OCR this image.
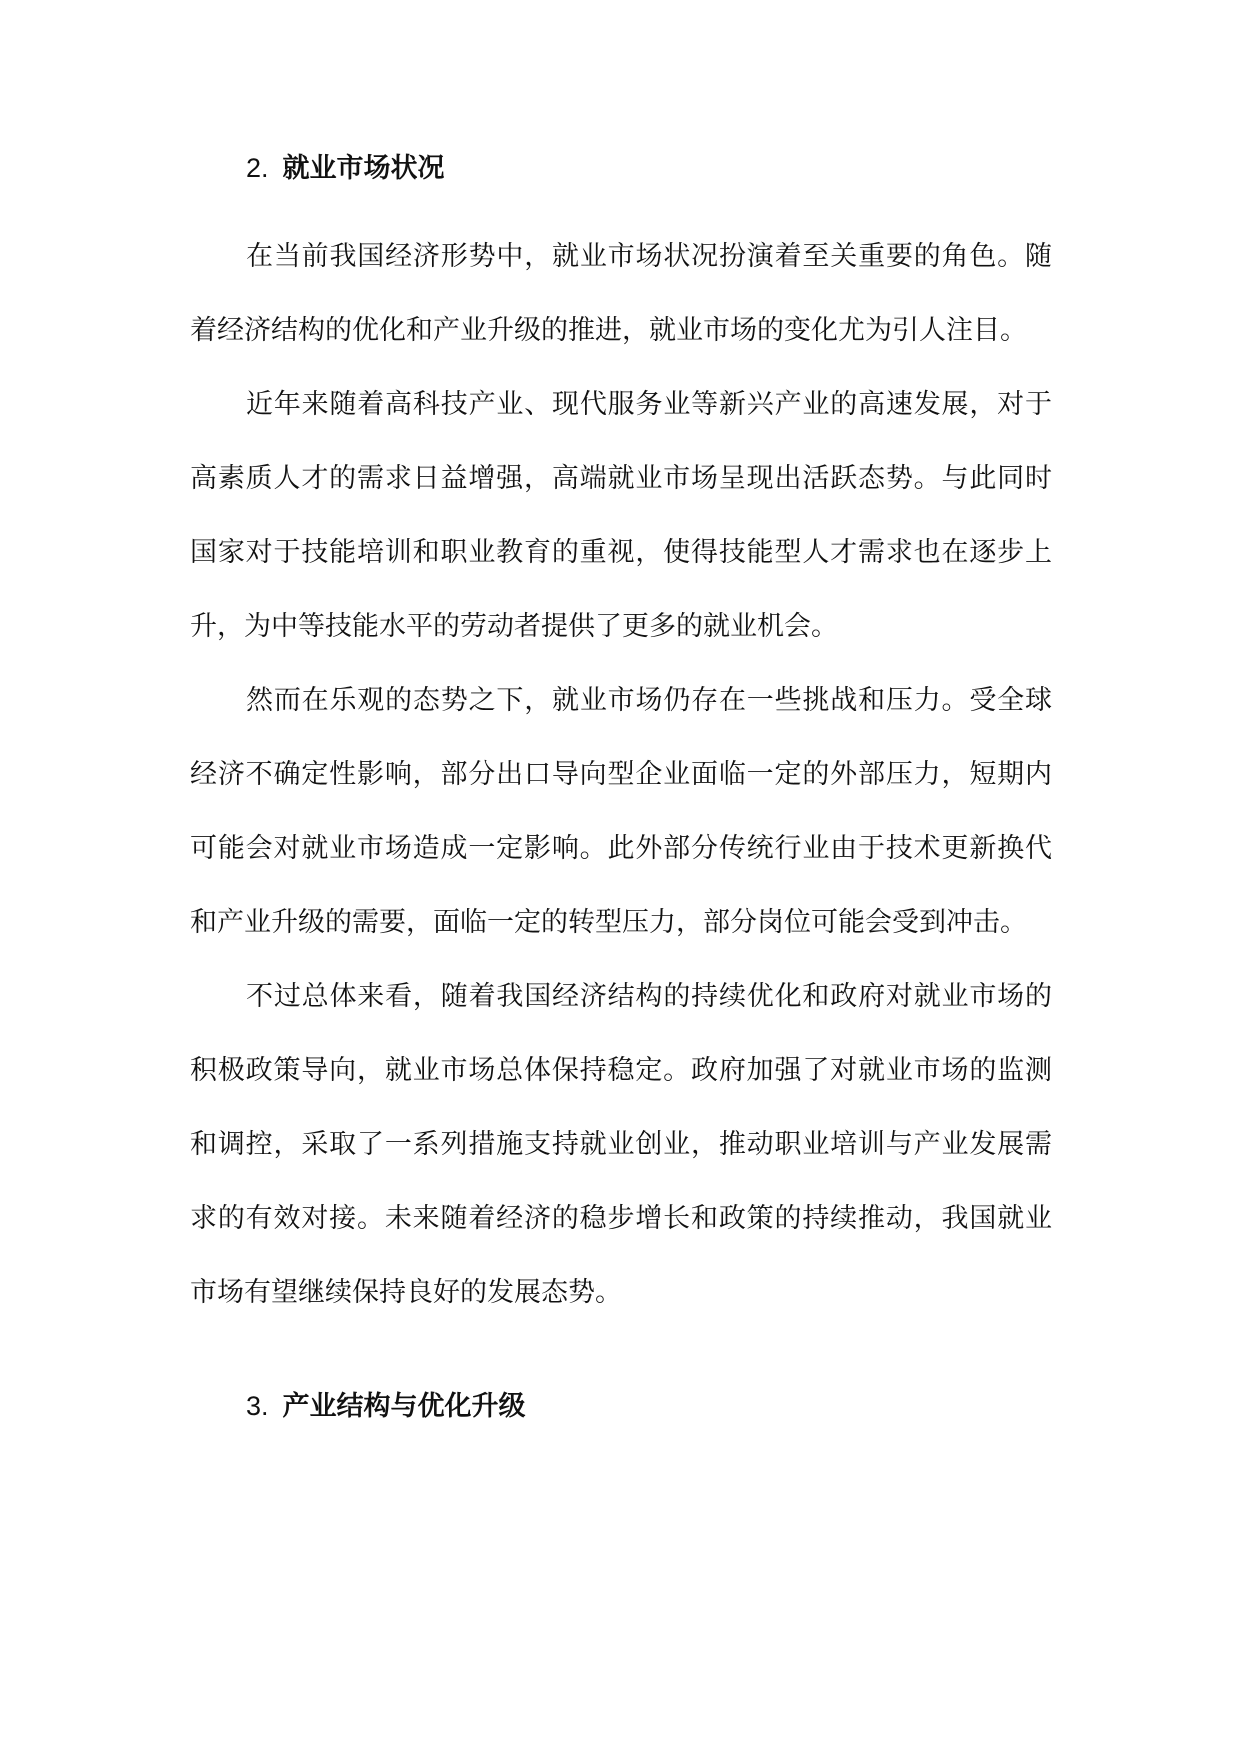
2. 就业市场状况

在当前我国经济形势中，就业市场状况扮演着至关重要的角色。随着经济结构的优化和产业升级的推进，就业市场的变化尤为引人注目。

近年来随着高科技产业、现代服务业等新兴产业的高速发展，对于高素质人才的需求日益增强，高端就业市场呈现出活跃态势。与此同时国家对于技能培训和职业教育的重视，使得技能型人才需求也在逐步上升，为中等技能水平的劳动者提供了更多的就业机会。

然而在乐观的态势之下，就业市场仍存在一些挑战和压力。受全球经济不确定性影响，部分出口导向型企业面临一定的外部压力，短期内可能会对就业市场造成一定影响。此外部分传统行业由于技术更新换代和产业升级的需要，面临一定的转型压力，部分岗位可能会受到冲击。

不过总体来看，随着我国经济结构的持续优化和政府对就业市场的积极政策导向，就业市场总体保持稳定。政府加强了对就业市场的监测和调控，采取了一系列措施支持就业创业，推动职业培训与产业发展需求的有效对接。未来随着经济的稳步增长和政策的持续推动，我国就业市场有望继续保持良好的发展态势。

3. 产业结构与优化升级
